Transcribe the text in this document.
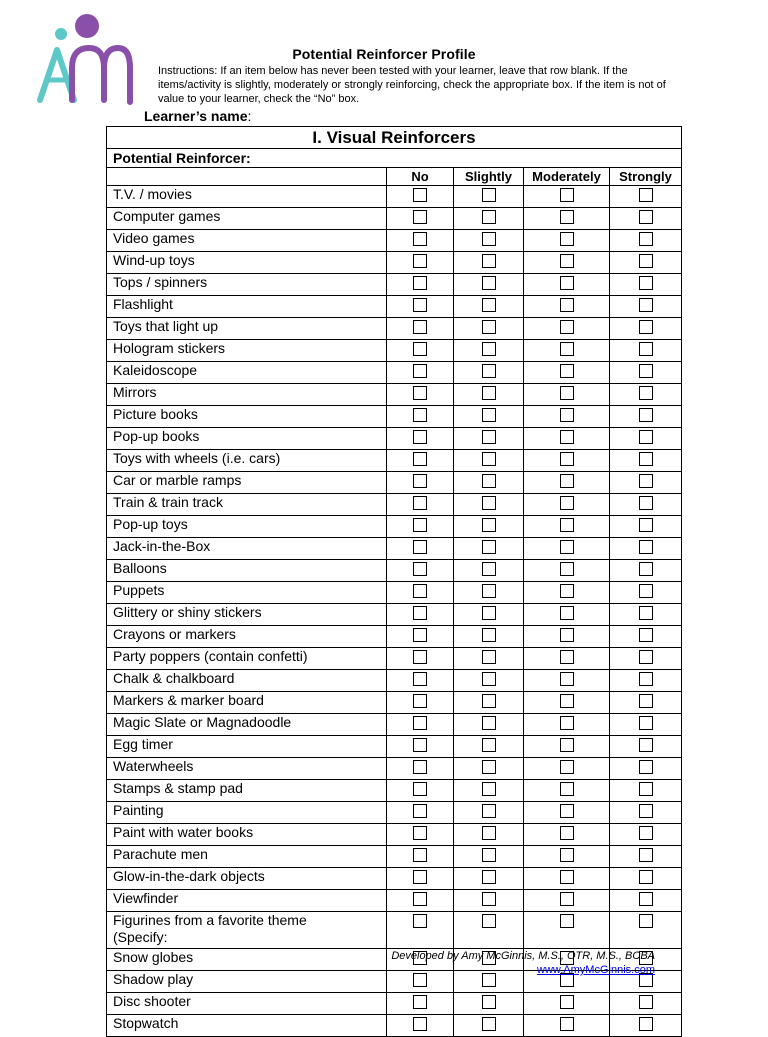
Potential Reinforcer Profile
Instructions: If an item below has never been tested with your learner, leave that row blank. If the items/activity is slightly, moderately or strongly reinforcing, check the appropriate box. If the item is not of value to your learner, check the “No” box.
Learner’s name:
I. Visual Reinforcers				
Potential Reinforcer:				
	No	Slightly	Moderately	Strongly

T.V. / movies				

Computer games				

Video games				

Wind-up toys				

Tops / spinners				

Flashlight				

Toys that light up				

Hologram stickers				

Kaleidoscope				

Mirrors				

Picture books				

Pop-up books				

Toys with wheels (i.e. cars)				

Car or marble ramps				

Train & train track				

Pop-up toys				

Jack-in-the-Box				

Balloons				

Puppets				

Glittery or shiny stickers				

Crayons or markers				

Party poppers (contain confetti)				

Chalk & chalkboard				

Markers & marker board				

Magic Slate or Magnadoodle				

Egg timer				

Waterwheels				

Stamps & stamp pad				

Painting				

Paint with water books				

Parachute men				

Glow-in-the-dark objects				

Viewfinder				

Figurines from a favorite theme
(Specify:				

Snow globes				

Shadow play				

Disc shooter				

Stopwatch				

Developed by Amy McGinnis, M.S., OTR, M.S., BCBA
www.AmyMcGinnis.com
